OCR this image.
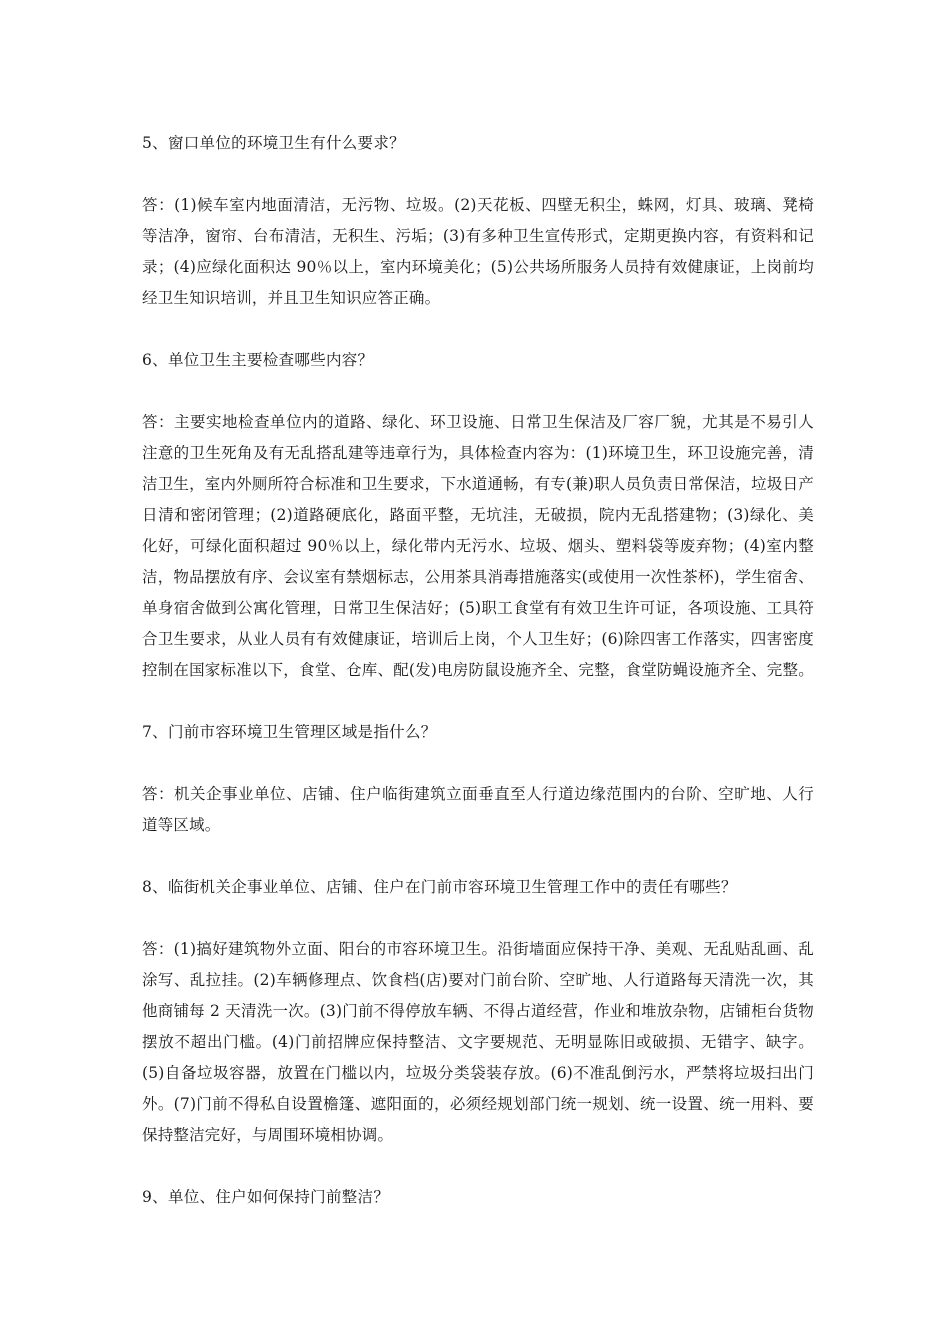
5、窗口单位的环境卫生有什么要求？
答：(1)候车室内地面清洁，无污物、垃圾。(2)天花板、四壁无积尘，蛛网，灯具、玻璃、凳椅等洁净，窗帘、台布清洁，无积生、污垢；(3)有多种卫生宣传形式，定期更换内容，有资料和记录；(4)应绿化面积达 90％以上，室内环境美化；(5)公共场所服务人员持有效健康证，上岗前均经卫生知识培训，并且卫生知识应答正确。
6、单位卫生主要检查哪些内容？
答：主要实地检查单位内的道路、绿化、环卫设施、日常卫生保洁及厂容厂貌，尤其是不易引人注意的卫生死角及有无乱搭乱建等违章行为，具体检查内容为：(1)环境卫生，环卫设施完善，清洁卫生，室内外厕所符合标准和卫生要求，下水道通畅，有专(兼)职人员负责日常保洁，垃圾日产日清和密闭管理；(2)道路硬底化，路面平整，无坑洼，无破损，院内无乱搭建物；(3)绿化、美化好，可绿化面积超过 90％以上，绿化带内无污水、垃圾、烟头、塑料袋等废弃物；(4)室内整洁，物品摆放有序、会议室有禁烟标志，公用茶具消毒措施落实(或使用一次性茶杯)，学生宿舍、单身宿舍做到公寓化管理，日常卫生保洁好；(5)职工食堂有有效卫生许可证，各项设施、工具符合卫生要求，从业人员有有效健康证，培训后上岗，个人卫生好；(6)除四害工作落实，四害密度控制在国家标准以下，食堂、仓库、配(发)电房防鼠设施齐全、完整，食堂防蝇设施齐全、完整。
7、门前市容环境卫生管理区域是指什么？
答：机关企事业单位、店铺、住户临街建筑立面垂直至人行道边缘范围内的台阶、空旷地、人行道等区域。
8、临街机关企事业单位、店铺、住户在门前市容环境卫生管理工作中的责任有哪些？
答：(1)搞好建筑物外立面、阳台的市容环境卫生。沿街墙面应保持干净、美观、无乱贴乱画、乱涂写、乱拉挂。(2)车辆修理点、饮食档(店)要对门前台阶、空旷地、人行道路每天清洗一次，其他商铺每 2 天清洗一次。(3)门前不得停放车辆、不得占道经营，作业和堆放杂物，店铺柜台货物摆放不超出门槛。(4)门前招牌应保持整洁、文字要规范、无明显陈旧或破损、无错字、缺字。(5)自备垃圾容器，放置在门槛以内，垃圾分类袋装存放。(6)不准乱倒污水，严禁将垃圾扫出门外。(7)门前不得私自设置檐篷、遮阳面的，必须经规划部门统一规划、统一设置、统一用料、要保持整洁完好，与周围环境相协调。
9、单位、住户如何保持门前整洁？
